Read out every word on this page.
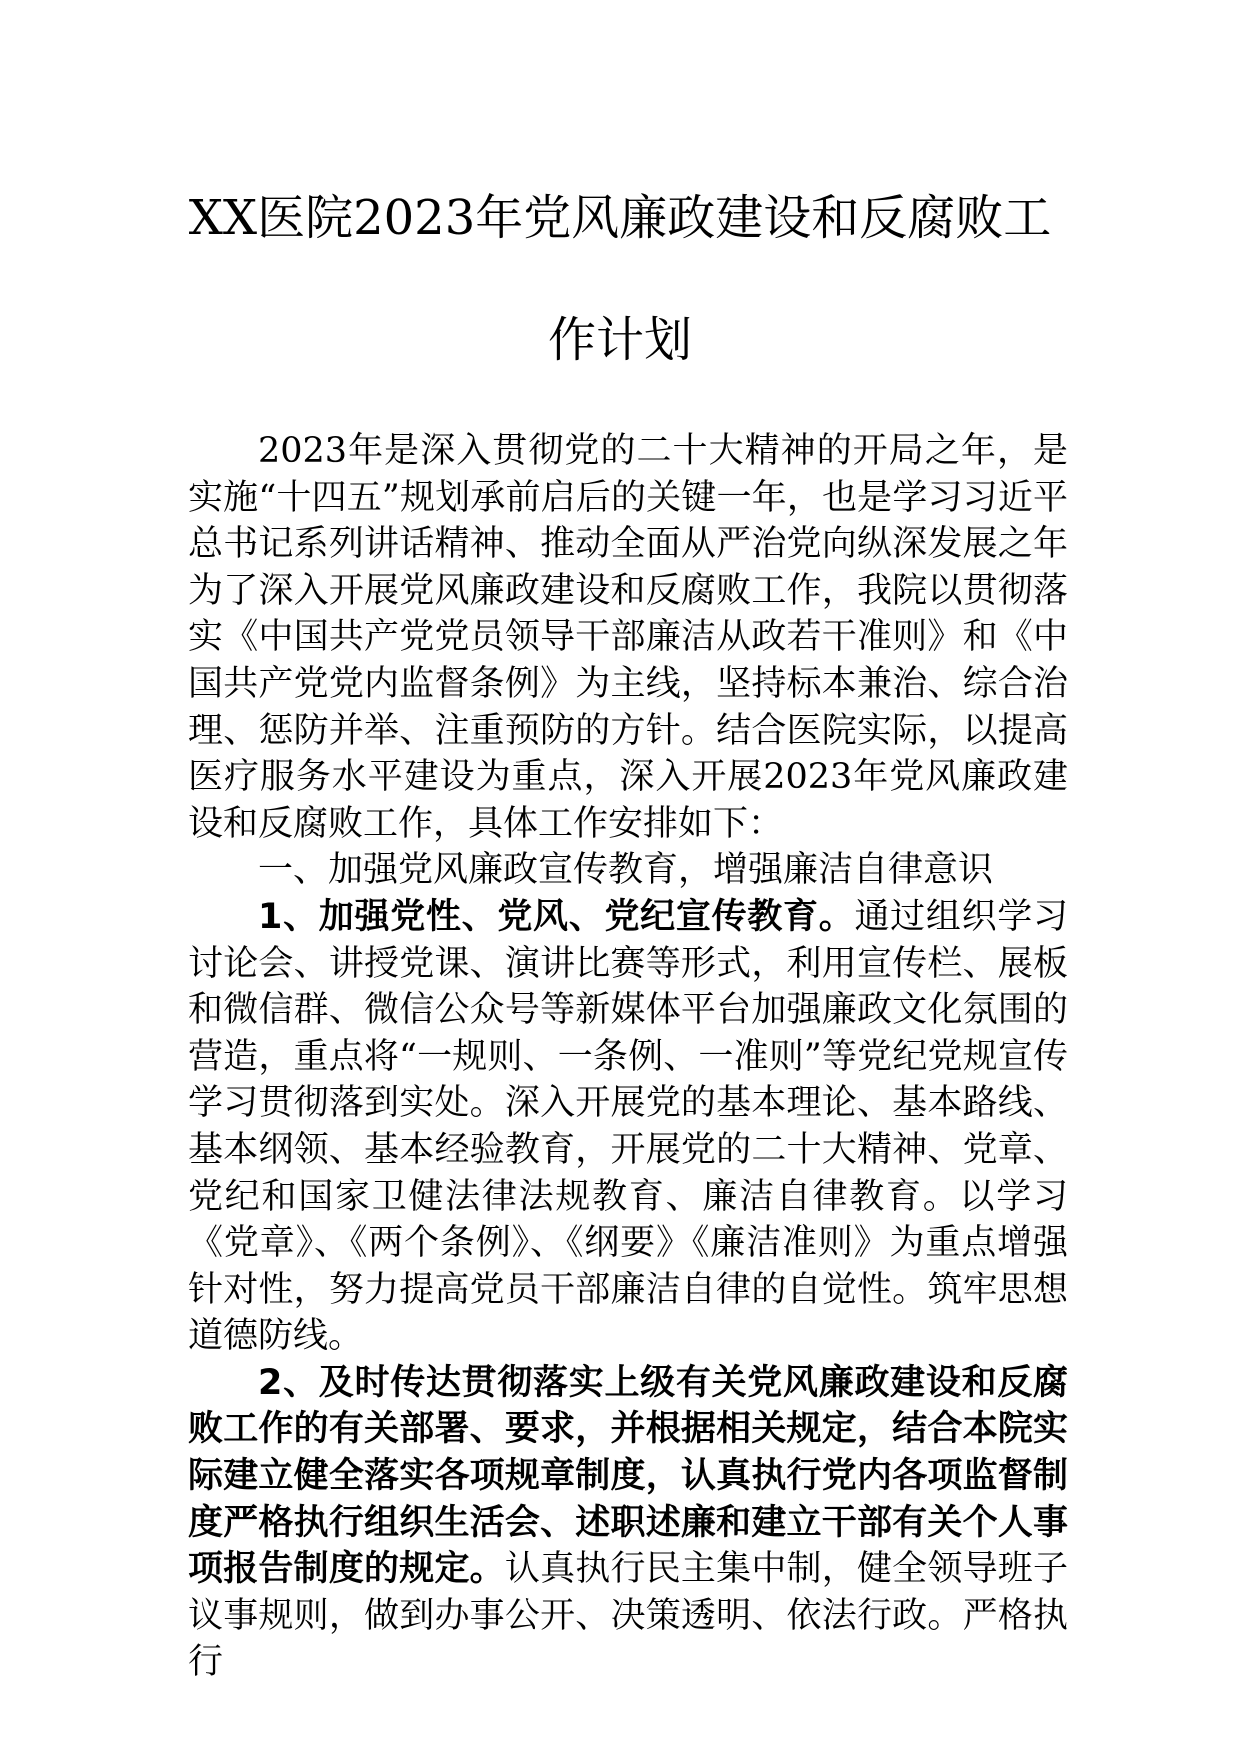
XX医院2023年党风廉政建设和反腐败工
作计划

2023年是深入贯彻党的二十大精神的开局之年，是实施“十四五”规划承前启后的关键一年，也是学习习近平总书记系列讲话精神、推动全面从严治党向纵深发展之年为了深入开展党风廉政建设和反腐败工作，我院以贯彻落实《中国共产党党员领导干部廉洁从政若干准则》和《中国共产党党内监督条例》为主线，坚持标本兼治、综合治理、惩防并举、注重预防的方针。结合医院实际，以提高医疗服务水平建设为重点，深入开展2023年党风廉政建设和反腐败工作，具体工作安排如下：

一、加强党风廉政宣传教育，增强廉洁自律意识

1、加强党性、党风、党纪宣传教育。通过组织学习讨论会、讲授党课、演讲比赛等形式，利用宣传栏、展板和微信群、微信公众号等新媒体平台加强廉政文化氛围的营造，重点将“一规则、一条例、一准则”等党纪党规宣传学习贯彻落到实处。深入开展党的基本理论、基本路线、基本纲领、基本经验教育，开展党的二十大精神、党章、党纪和国家卫健法律法规教育、廉洁自律教育。以学习《党章》、《两个条例》、《纲要》《廉洁准则》为重点增强针对性，努力提高党员干部廉洁自律的自觉性。筑牢思想道德防线。

2、及时传达贯彻落实上级有关党风廉政建设和反腐败工作的有关部署、要求，并根据相关规定，结合本院实际建立健全落实各项规章制度，认真执行党内各项监督制度严格执行组织生活会、述职述廉和建立干部有关个人事项报告制度的规定。认真执行民主集中制，健全领导班子议事规则，做到办事公开、决策透明、依法行政。严格执行
